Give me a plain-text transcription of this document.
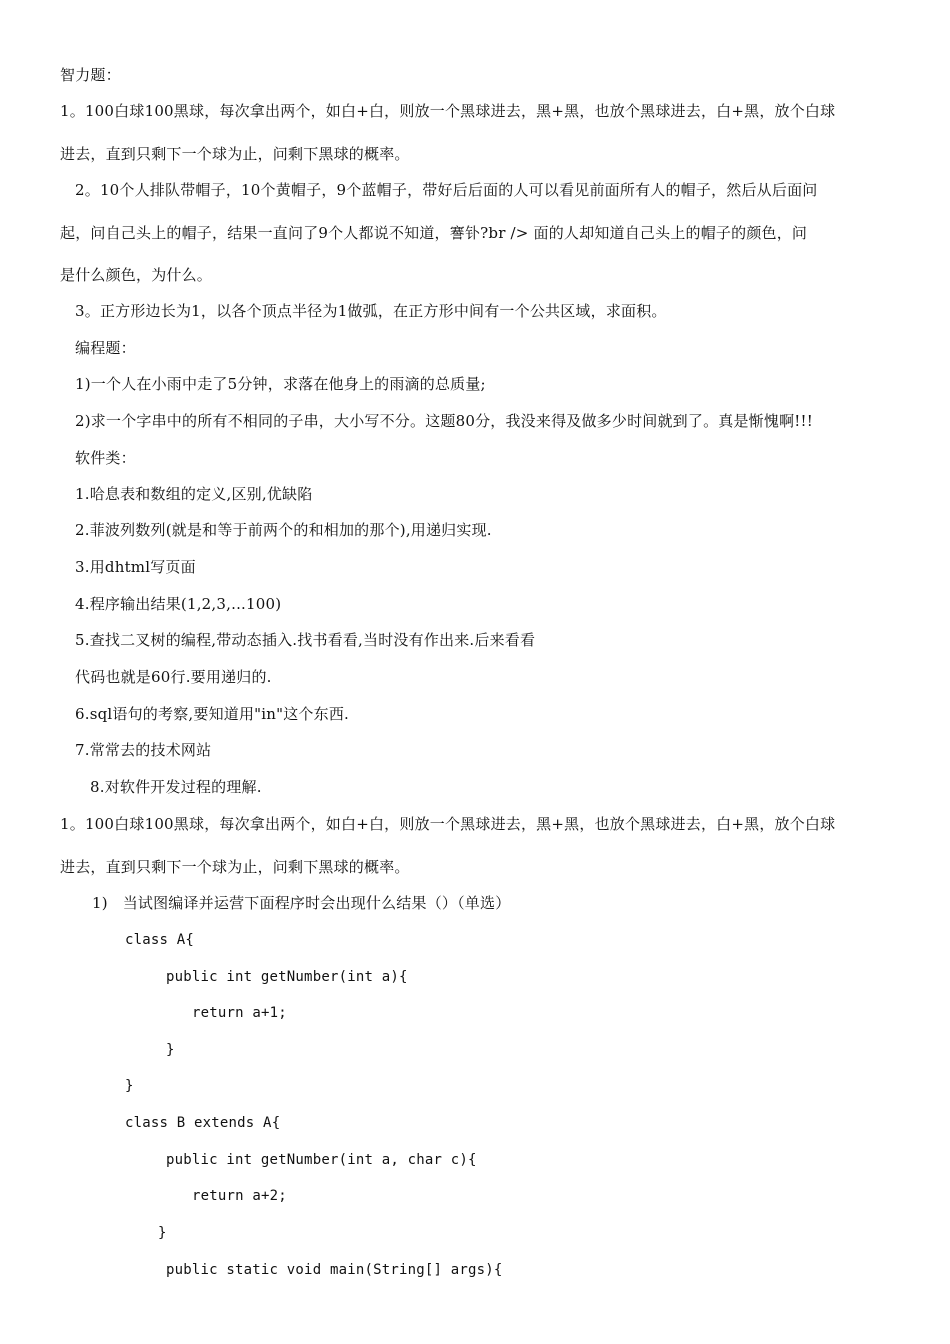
智力题：
1。100白球100黑球，每次拿出两个，如白+白，则放一个黑球进去，黑+黑，也放个黑球进去，白+黑，放个白球
进去，直到只剩下一个球为止，问剩下黑球的概率。
2。10个人排队带帽子，10个黄帽子，9个蓝帽子，带好后后面的人可以看见前面所有人的帽子，然后从后面问
起，问自己头上的帽子，结果一直问了9个人都说不知道，謇钋?br /> 面的人却知道自己头上的帽子的颜色，问
是什么颜色，为什么。
3。正方形边长为1，以各个顶点半径为1做弧，在正方形中间有一个公共区域，求面积。
编程题：
1)一个人在小雨中走了5分钟，求落在他身上的雨滴的总质量;
2)求一个字串中的所有不相同的子串，大小写不分。这题80分，我没来得及做多少时间就到了。真是惭愧啊!!!
软件类：
1.哈息表和数组的定义,区别,优缺陷
2.菲波列数列(就是和等于前两个的和相加的那个),用递归实现.
3.用dhtml写页面
4.程序输出结果(1,2,3,...100)
5.查找二叉树的编程,带动态插入.找书看看,当时没有作出来.后来看看
代码也就是60行.要用递归的.
6.sql语句的考察,要知道用"in"这个东西.
7.常常去的技术网站
8.对软件开发过程的理解.
1。100白球100黑球，每次拿出两个，如白+白，则放一个黑球进去，黑+黑，也放个黑球进去，白+黑，放个白球
进去，直到只剩下一个球为止，问剩下黑球的概率。
1)   当试图编译并运营下面程序时会出现什么结果（）（单选）
class A{
public int getNumber(int a){
return a+1;
}
}
class B extends A{
public int getNumber(int a, char c){
return a+2;
}
public static void main(String[] args){
